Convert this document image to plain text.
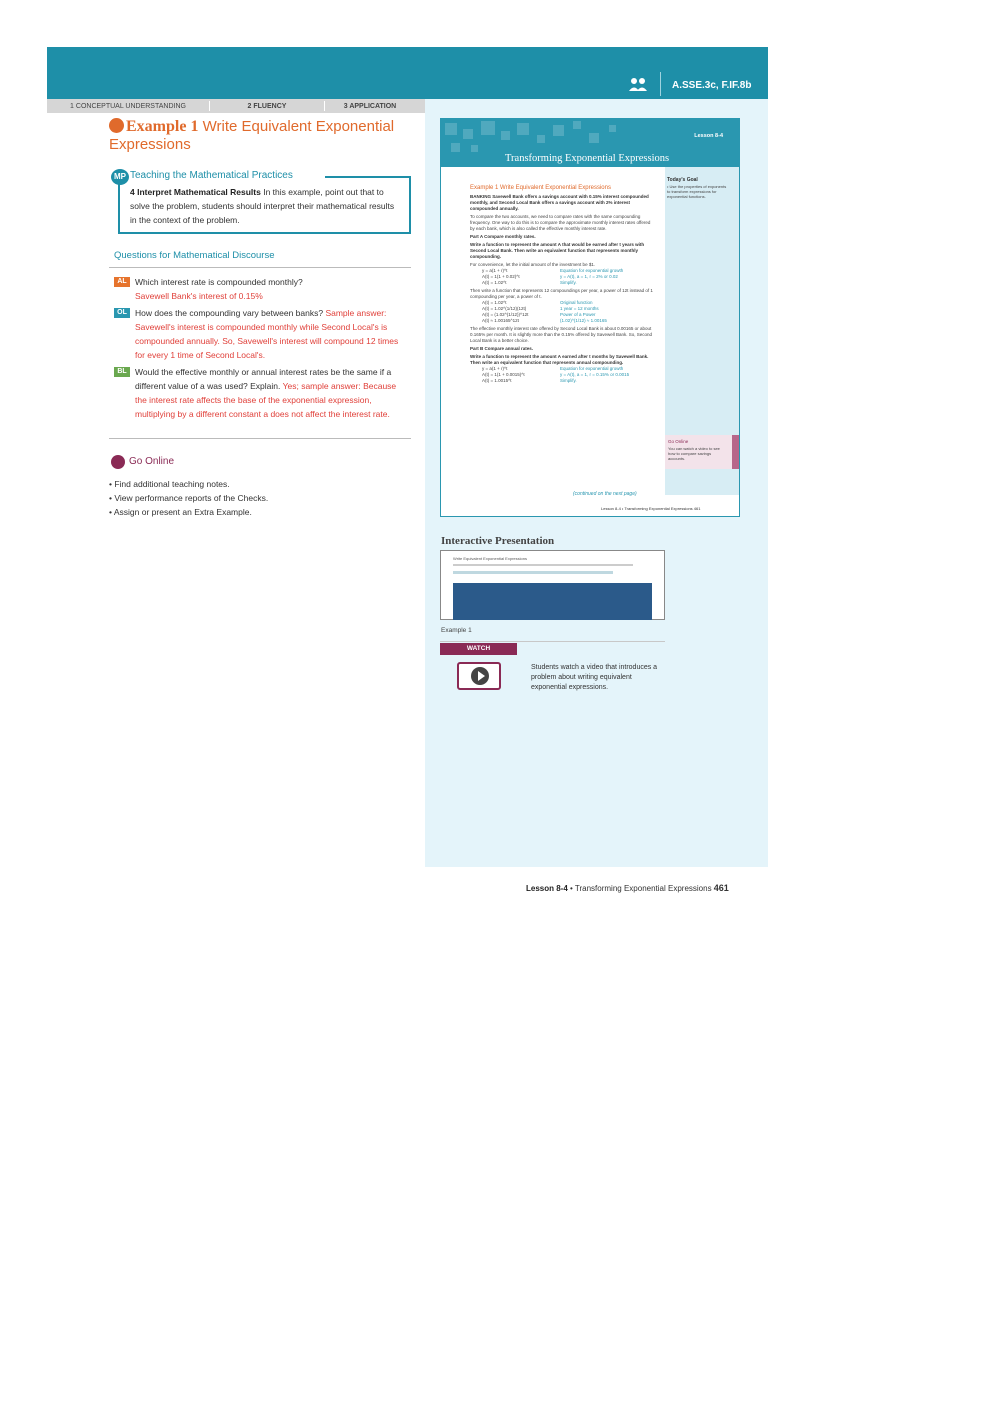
A.SSE.3c, F.IF.8b
1 CONCEPTUAL UNDERSTANDING	2 FLUENCY	3 APPLICATION
Example 1 Write Equivalent Exponential Expressions
Teaching the Mathematical Practices
MP
4 Interpret Mathematical Results In this example, point out that to solve the problem, students should interpret their mathematical results in the context of the problem.
Questions for Mathematical Discourse
AL Which interest rate is compounded monthly?
Savewell Bank's interest of 0.15%
OL How does the compounding vary between banks? Sample answer: Savewell's interest is compounded monthly while Second Local's is compounded annually. So, Savewell's interest will compound 12 times for every 1 time of Second Local's.
BL Would the effective monthly or annual interest rates be the same if a different value of a was used? Explain. Yes; sample answer: Because the interest rate affects the base of the exponential expression, multiplying by a different constant a does not affect the interest rate.
Go Online
• Find additional teaching notes.
• View performance reports of the Checks.
• Assign or present an Extra Example.
Lesson 8-4
Transforming Exponential Expressions
Today's Goal
• Use the properties of exponents to transform expressions for exponential functions.
Go Online
You can watch a video to see how to compare savings accounts.
Example 1 Write Equivalent Exponential Expressions
BANKING Savewell Bank offers a savings account with 0.15% interest compounded monthly, and Second Local Bank offers a savings account with 2% interest compounded annually.
To compare the two accounts, we need to compare rates with the same compounding frequency. One way to do this is to compare the approximate monthly interest rates offered by each bank, which is also called the effective monthly interest rate.
Part A Compare monthly rates.
Write a function to represent the amount A that would be earned after t years with Second Local Bank. Then write an equivalent function that represents monthly compounding.
For convenience, let the initial amount of the investment be $1.
y = a(1 + r)^t	Equation for exponential growth
A(t) = 1(1 + 0.02)^t	y = A(t), a = 1, r = 2% or 0.02
A(t) = 1.02^t	Simplify.
Then write a function that represents 12 compoundings per year, a power of 12t instead of 1 compounding per year, a power of t.
A(t) = 1.02^t	Original function
A(t) = 1.02^(1/12)(12t)	1 year = 12 months
A(t) = (1.02^(1/12))^12t	Power of a Power
A(t) ≈ 1.00165^12t	(1.02)^(1/12) ≈ 1.00165
The effective monthly interest rate offered by Second Local Bank is about 0.00165 or about 0.165% per month. It is slightly more than the 0.15% offered by Savewell Bank. So, Second Local Bank is a better choice.
Part B Compare annual rates.
Write a function to represent the amount A earned after t months by Savewell Bank. Then write an equivalent function that represents annual compounding.
y = a(1 + r)^t	Equation for exponential growth
A(t) = 1(1 + 0.0015)^t	y = A(t), a = 1, r = 0.15% or 0.0015
A(t) = 1.0015^t	Simplify.
(continued on the next page)
Lesson 8-4 • Transforming Exponential Expressions 461
Interactive Presentation
Write Equivalent Exponential Expressions
Example 1
WATCH
Students watch a video that introduces a problem about writing equivalent exponential expressions.
Lesson 8-4 • Transforming Exponential Expressions 461
